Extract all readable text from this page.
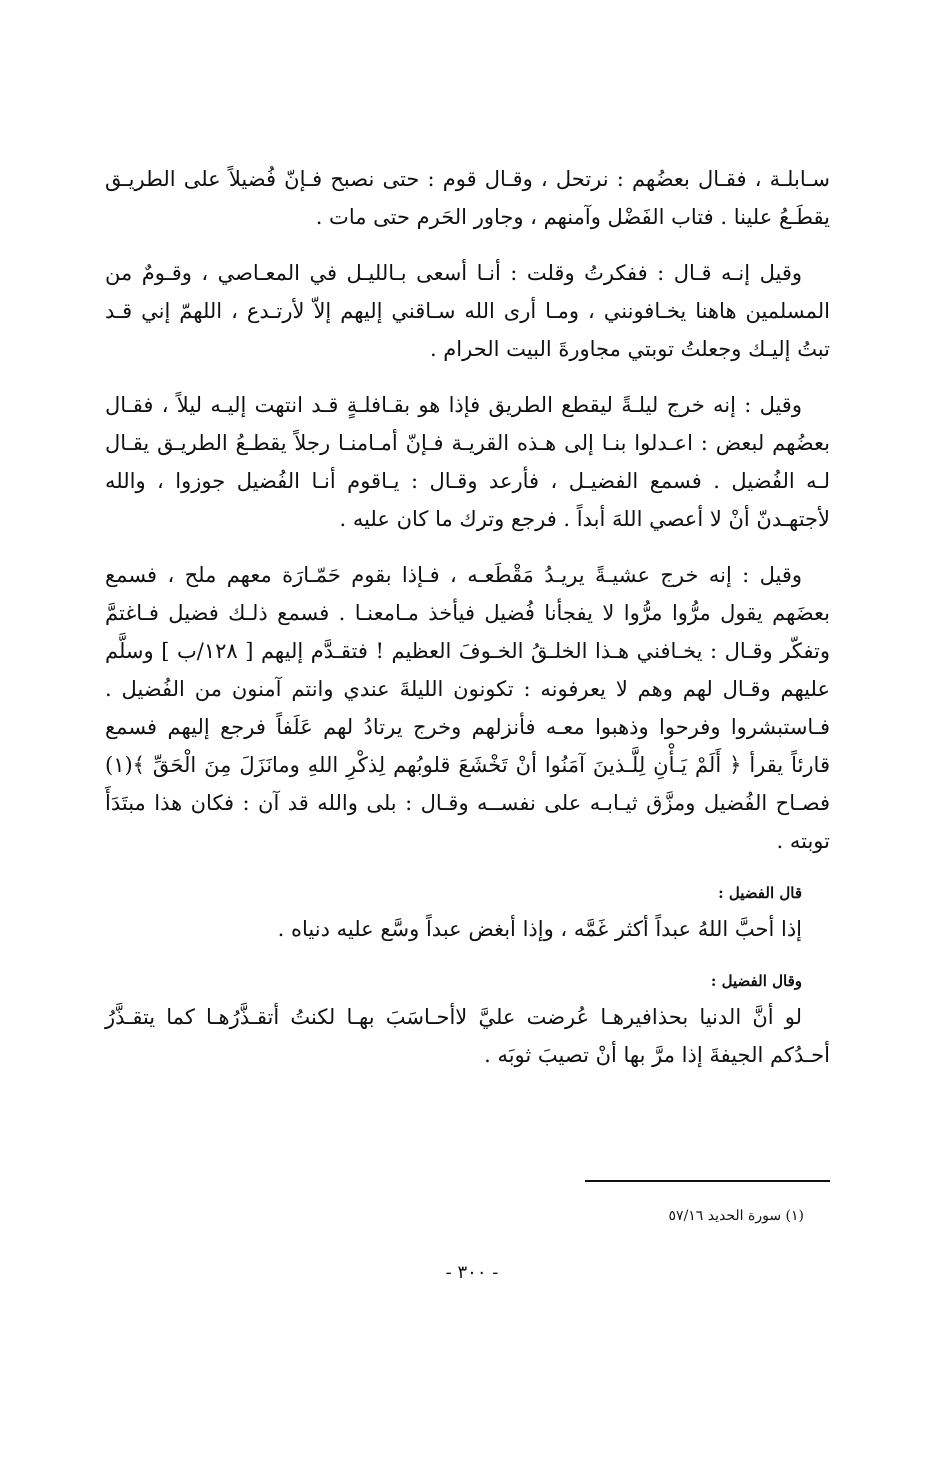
سـابلـة ، فقـال بعضُهم : نرتحل ، وقـال قوم : حتى نصبح فـإنّ فُضيلاً على الطريـق يقطَـعُ علينا . فتاب الفَضْل وآمنهم ، وجاور الحَرم حتى مات .

وقيل إنـه قـال : ففكرتُ وقلت : أنـا أسعى بـالليـل في المعـاصي ، وقـومٌ من المسلمين هاهنا يخـافونني ، ومـا أرى الله سـاقني إليهم إلاّ لأرتـدع ، اللهمّ إني قـد تبتُ إليـك وجعلتُ توبتي مجاورةَ البيت الحرام .

وقيل : إنه خرج ليلـةً ليقطع الطريق فإذا هو بقـافلـةٍ قـد انتهت إليـه ليلاً ، فقـال بعضُهم لبعض : اعـدلوا بنـا إلى هـذه القريـة فـإنّ أمـامنـا رجلاً يقطـعُ الطريـق يقـال لـه الفُضيل . فسمع الفضيـل ، فأرعد وقـال : يـاقوم أنـا الفُضيل جوزوا ، والله لأجتهـدنّ أنْ لا أعصي اللهَ أبداً . فرجع وترك ما كان عليه .

وقيل : إنه خرج عشيـةً يريـدُ مَقْطَعـه ، فـإذا بقوم حَمّـارَة معهم ملح ، فسمع بعضَهم يقول مرُّوا مرُّوا لا يفجأنا فُضيل فيأخذ مـامعنـا . فسمع ذلـك فضيل فـاغتمَّ وتفكّر وقـال : يخـافني هـذا الخلـقُ الخـوفَ العظيم ! فتقـدَّم إليهم [ ١٢٨/ب ] وسلَّم عليهم وقـال لهم وهم لا يعرفونه : تكونون الليلةَ عندي وانتم آمنون من الفُضيل . فـاستبشروا وفرحوا وذهبوا معـه فأنزلهم وخرج يرتادُ لهم عَلَفاً فرجع إليهم فسمع قارئاً يقرأ ﴿ أَلَمْ يَـأْنِ لِلَّـذينَ آمَنُوا أنْ تَخْشَعَ قلوبُهم لِذكْرِ اللهِ ومانَزَلَ مِنَ الْحَقِّ ﴾(١) فصـاح الفُضيل ومزَّق ثيـابـه على نفســه وقـال : بلى والله قد آن : فكان هذا مبتَدَأَ توبته .

قال الفضيل :

إذا أحبَّ اللهُ عبداً أكثر غَمَّه ، وإذا أبغض عبداً وسَّع عليه دنياه .

وقال الفضيل :

لو أنَّ الدنيا بحذافيرهـا عُرضت عليَّ لاأحـاسَبَ بهـا لكنتُ أتقـذَّرُهـا كما يتقـذَّرُ أحـدُكم الجيفةَ إذا مرَّ بها أنْ تصيبَ ثوبَه .

(١) سورة الحديد ٥٧/١٦
- ٣٠٠ -
